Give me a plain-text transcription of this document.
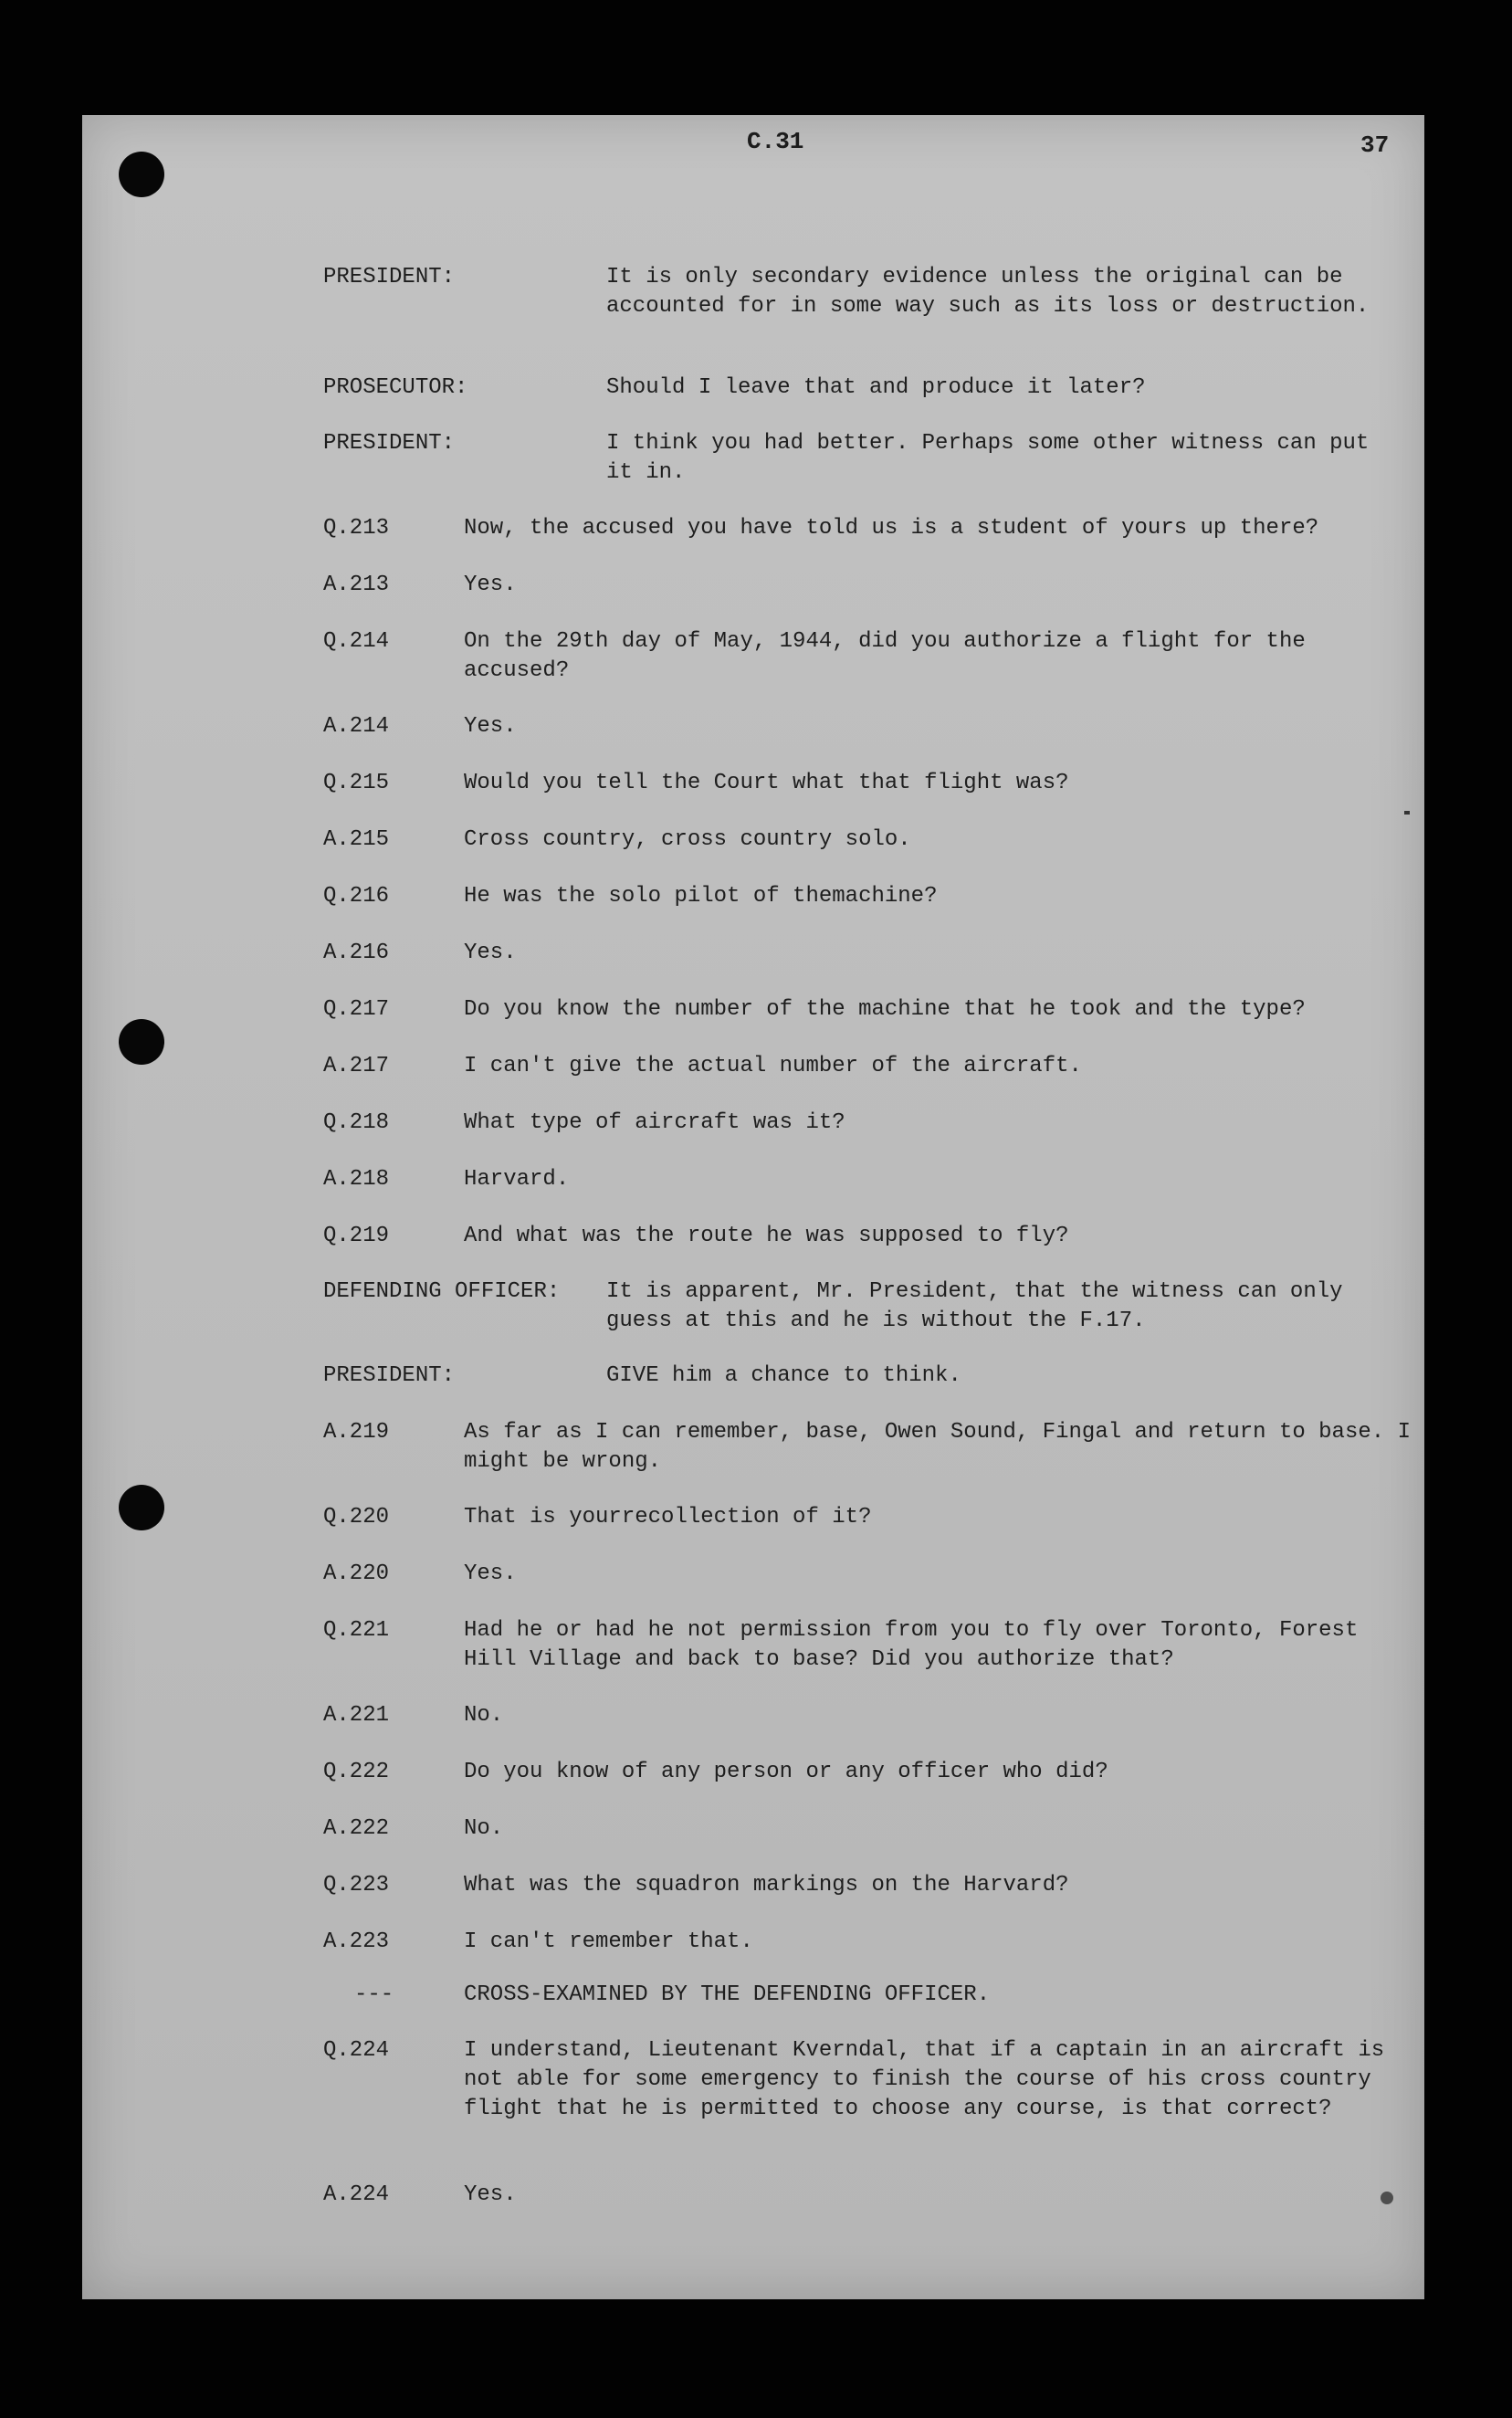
C.31	37
PRESIDENT:	It is only secondary evidence unless the original can be accounted for in some way such as its loss or destruction.
PROSECUTOR:	Should I leave that and produce it later?
PRESIDENT:	I think you had better. Perhaps some other witness can put it in.
Q.213	Now, the accused you have told us is a student of yours up there?
A.213	Yes.
Q.214	On the 29th day of May, 1944, did you authorize a flight for the accused?
A.214	Yes.
Q.215	Would you tell the Court what that flight was?
A.215	Cross country, cross country solo.
Q.216	He was the solo pilot of themachine?
A.216	Yes.
Q.217	Do you know the number of the machine that he took and the type?
A.217	I can't give the actual number of the aircraft.
Q.218	What type of aircraft was it?
A.218	Harvard.
Q.219	And what was the route he was supposed to fly?
DEFENDING OFFICER: It is apparent, Mr. President, that the witness can only guess at this and he is without the F.17.
PRESIDENT:	GIVE him a chance to think.
A.219	As far as I can remember, base, Owen Sound, Fingal and return to base. I might be wrong.
Q.220	That is yourrecollection of it?
A.220	Yes.
Q.221	Had he or had he not permission from you to fly over Toronto, Forest Hill Village and back to base? Did you authorize that?
A.221	No.
Q.222	Do you know of any person or any officer who did?
A.222	No.
Q.223	What was the squadron markings on the Harvard?
A.223	I can't remember that.
---	CROSS-EXAMINED BY THE DEFENDING OFFICER.
Q.224	I understand, Lieutenant Kverndal, that if a captain in an aircraft is not able for some emergency to finish the course of his cross country flight that he is permitted to choose any course, is that correct?
A.224	Yes.
